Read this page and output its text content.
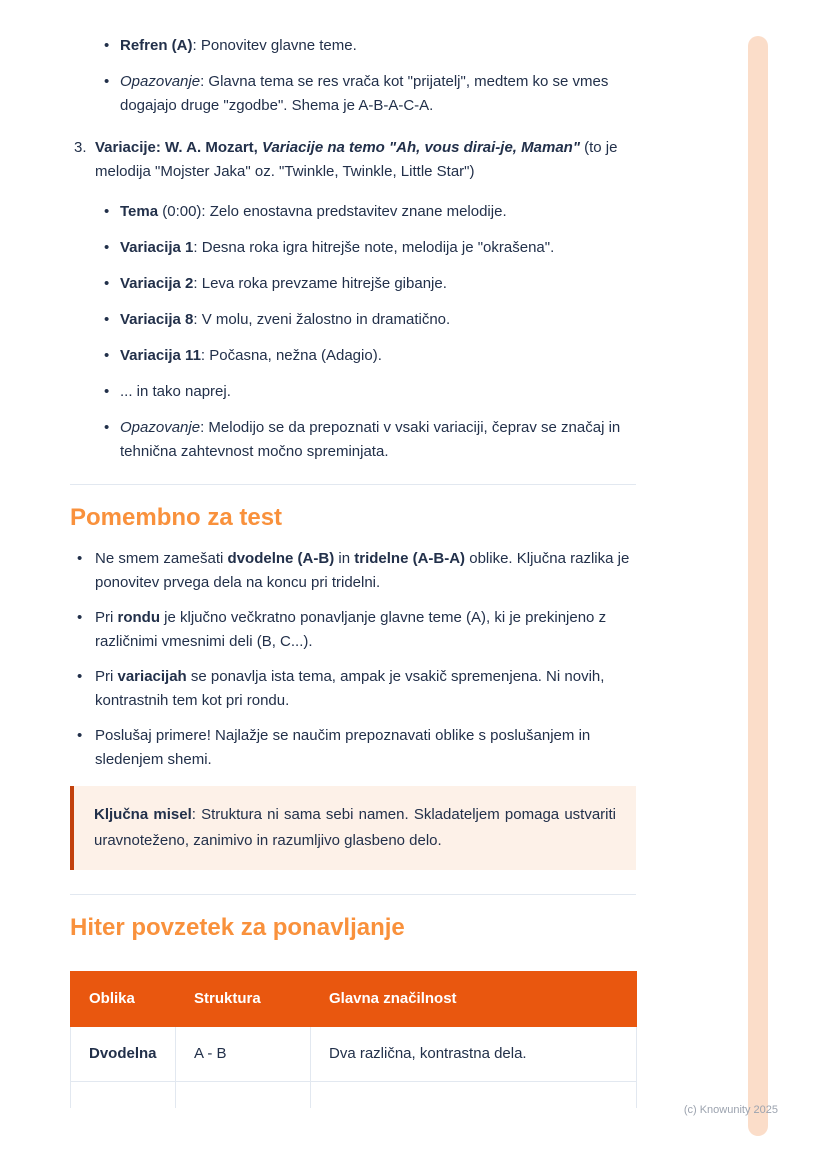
• Refren (A): Ponovitev glavne teme.
• Opazovanje: Glavna tema se res vrača kot "prijatelj", medtem ko se vmes dogajajo druge "zgodbe". Shema je A-B-A-C-A.
3. Variacije: W. A. Mozart, Variacije na temo "Ah, vous dirai-je, Maman" (to je melodija "Mojster Jaka" oz. "Twinkle, Twinkle, Little Star")
• Tema (0:00): Zelo enostavna predstavitev znane melodije.
• Variacija 1: Desna roka igra hitrejše note, melodija je "okrašena".
• Variacija 2: Leva roka prevzame hitrejše gibanje.
• Variacija 8: V molu, zveni žalostno in dramatično.
• Variacija 11: Počasna, nežna (Adagio).
• ... in tako naprej.
• Opazovanje: Melodijo se da prepoznati v vsaki variaciji, čeprav se značaj in tehnična zahtevnost močno spreminjata.
Pomembno za test
• Ne smem zamešati dvodelne (A-B) in tridelne (A-B-A) oblike. Ključna razlika je ponovitev prvega dela na koncu pri tridelni.
• Pri rondu je ključno večkratno ponavljanje glavne teme (A), ki je prekinjeno z različnimi vmesnimi deli (B, C...).
• Pri variacijah se ponavlja ista tema, ampak je vsakič spremenjena. Ni novih, kontrastnih tem kot pri rondu.
• Poslušaj primere! Najlažje se naučim prepoznavati oblike s poslušanjem in sledenjem shemi.
Ključna misel: Struktura ni sama sebi namen. Skladateljem pomaga ustvariti uravnoteženo, zanimivo in razumljivo glasbeno delo.
Hiter povzetek za ponavljanje
Oblika	Struktura	Glavna značilnost
Dvodelna	A - B	Dva različna, kontrastna dela.

(c) Knowunity 2025
